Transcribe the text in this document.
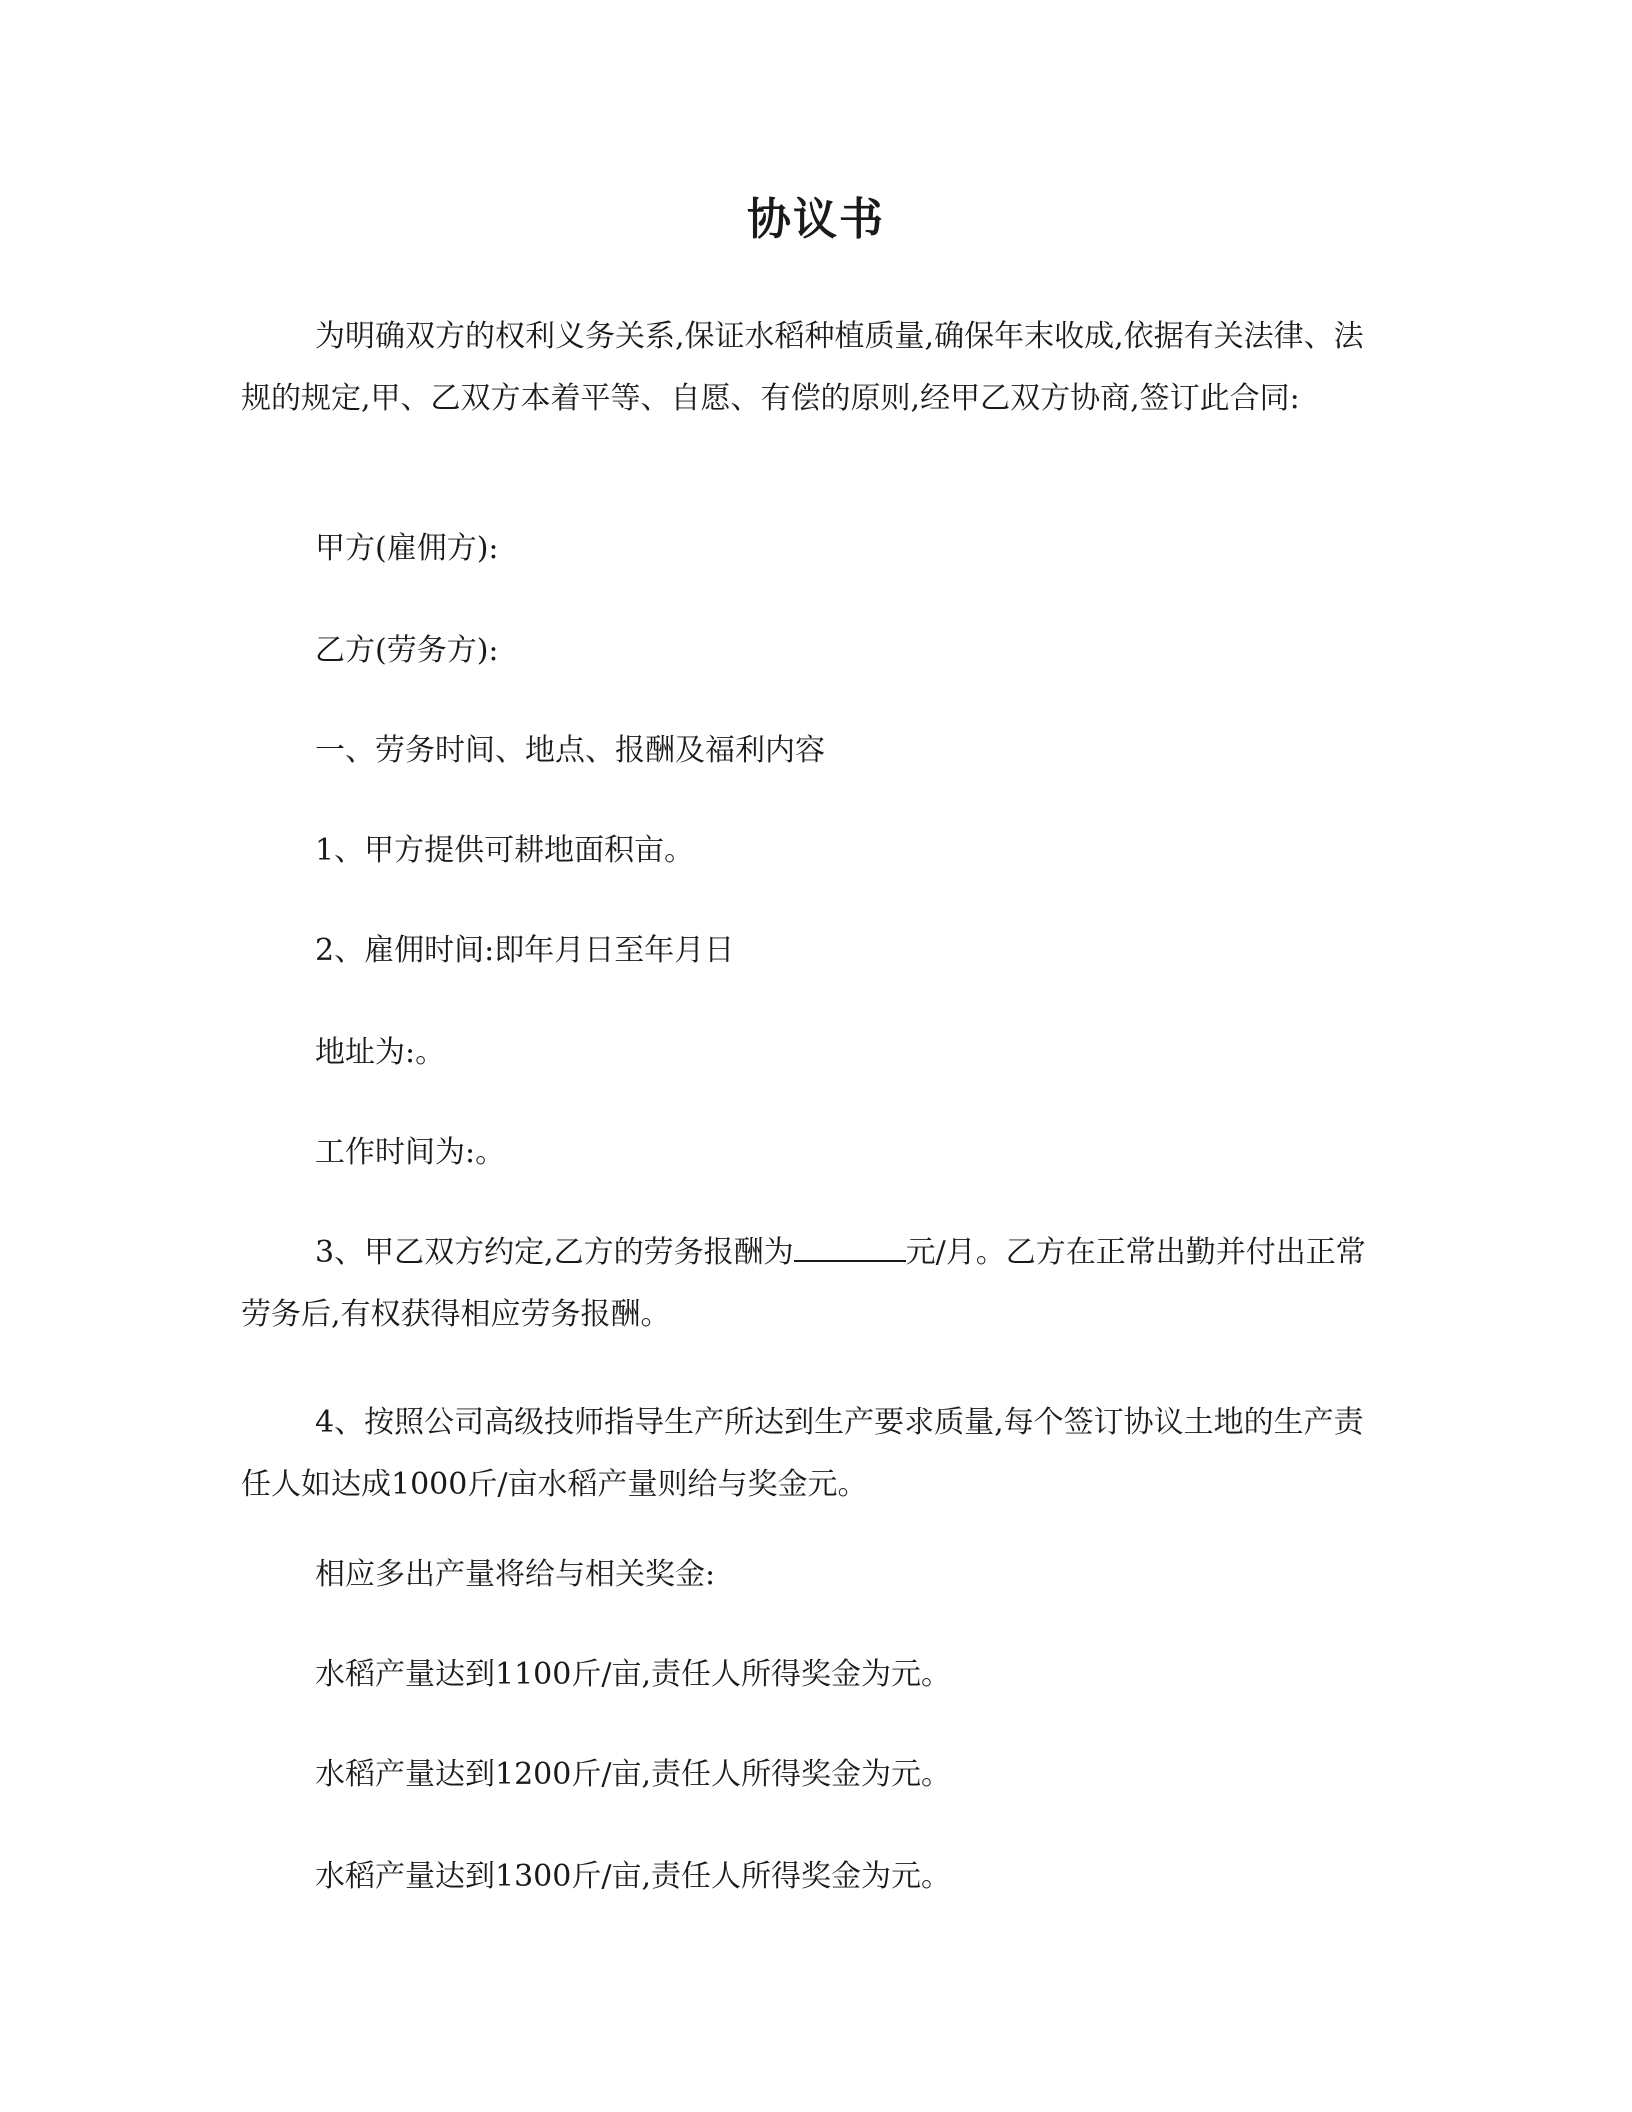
协议书

为明确双方的权利义务关系,保证水稻种植质量,确保年末收成,依据有关法律、法规的规定,甲、乙双方本着平等、自愿、有偿的原则,经甲乙双方协商,签订此合同:

甲方(雇佣方):

乙方(劳务方):

一、劳务时间、地点、报酬及福利内容

1、甲方提供可耕地面积亩。

2、雇佣时间:即年月日至年月日

地址为:。

工作时间为:。

3、甲乙双方约定,乙方的劳务报酬为	元/月。乙方在正常出勤并付出正常劳务后,有权获得相应劳务报酬。

4、按照公司高级技师指导生产所达到生产要求质量,每个签订协议土地的生产责任人如达成1000斤/亩水稻产量则给与奖金元。

相应多出产量将给与相关奖金:

水稻产量达到1100斤/亩,责任人所得奖金为元。

水稻产量达到1200斤/亩,责任人所得奖金为元。

水稻产量达到1300斤/亩,责任人所得奖金为元。
